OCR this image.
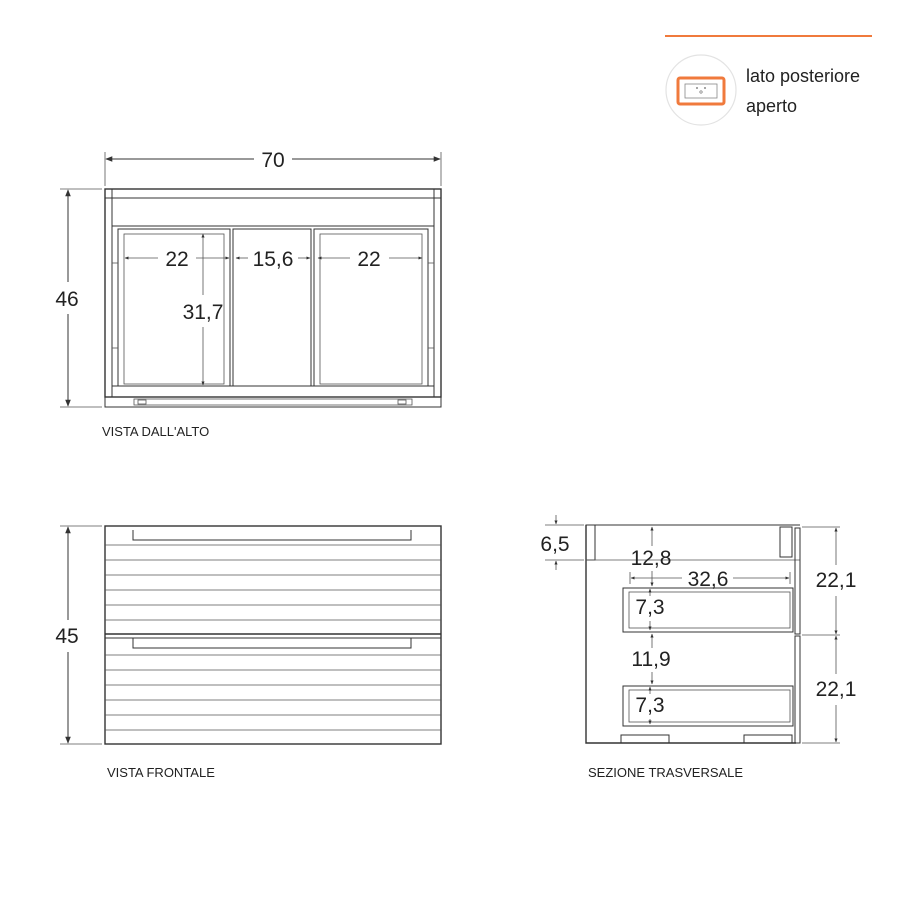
lato posteriore
aperto
70
46
22	15,6	22
31,7
VISTA DALL'ALTO
45
VISTA FRONTALE
6,5
12,8
32,6
7,3
11,9
7,3
22,1
22,1
SEZIONE TRASVERSALE
